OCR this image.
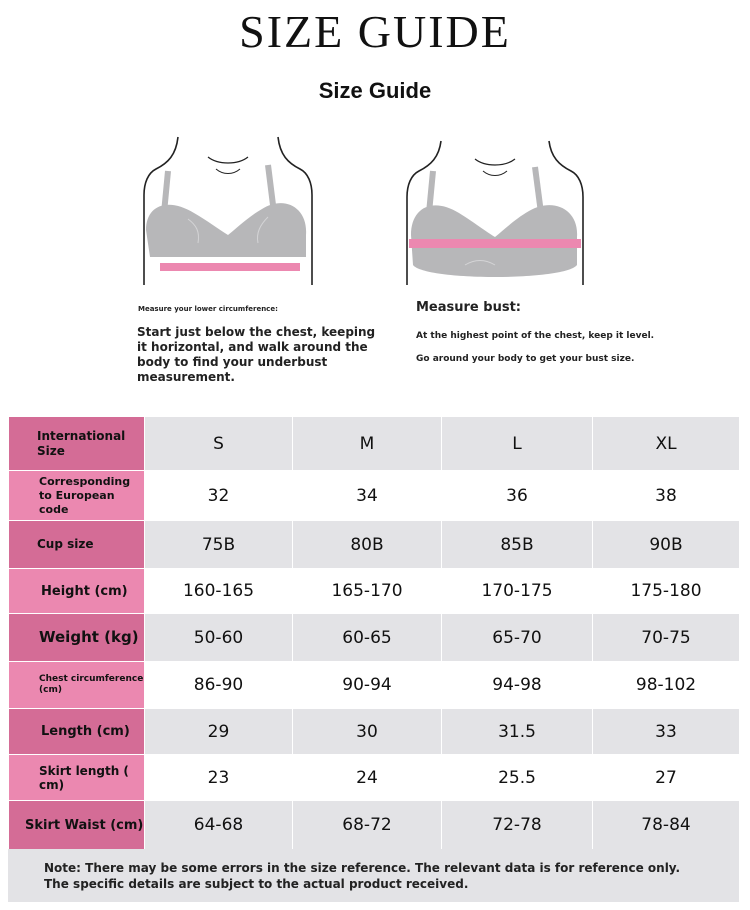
SIZE GUIDE
Size Guide
Measure your lower circumference:
Start just below the chest, keeping
it horizontal, and walk around the
body to find your underbust
measurement.
Measure bust:
At the highest point of the chest, keep it level.
Go around your body to get your bust size.
International Size	S	M	L	XL
Corresponding to European code	32	34	36	38
Cup size	75B	80B	85B	90B
Height (cm)	160-165	165-170	170-175	175-180
Weight (kg)	50-60	60-65	65-70	70-75
Chest circumference (cm)	86-90	90-94	94-98	98-102
Length (cm)	29	30	31.5	33
Skirt length ( cm)	23	24	25.5	27
Skirt Waist (cm)	64-68	68-72	72-78	78-84
Note: There may be some errors in the size reference. The relevant data is for reference only.
The specific details are subject to the actual product received.
